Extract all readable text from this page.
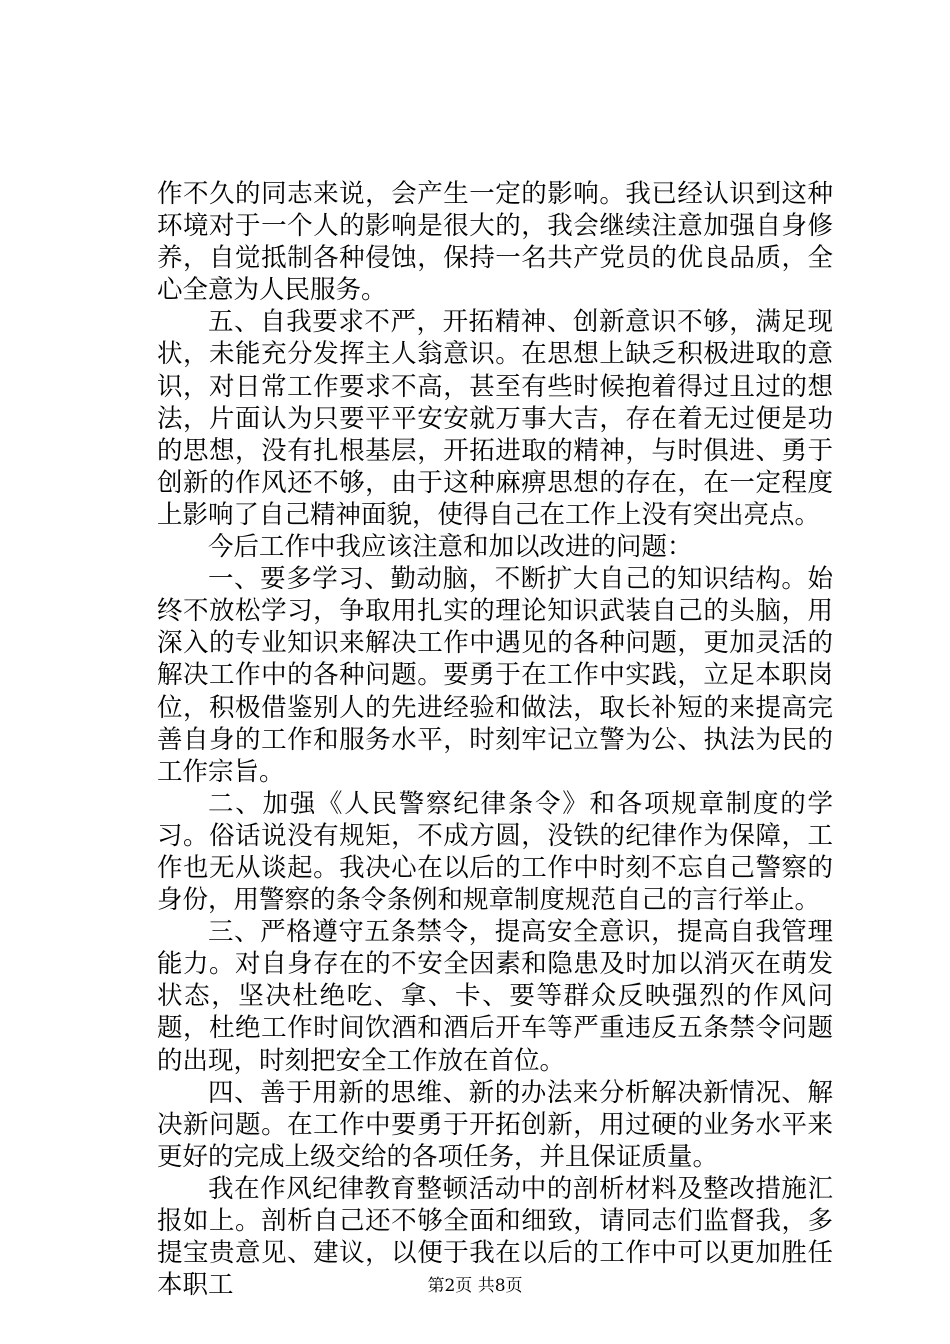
作不久的同志来说，会产生一定的影响。我已经认识到这种环境对于一个人的影响是很大的，我会继续注意加强自身修养，自觉抵制各种侵蚀，保持一名共产党员的优良品质，全心全意为人民服务。

五、自我要求不严，开拓精神、创新意识不够，满足现状，未能充分发挥主人翁意识。在思想上缺乏积极进取的意识，对日常工作要求不高，甚至有些时候抱着得过且过的想法，片面认为只要平平安安就万事大吉，存在着无过便是功的思想，没有扎根基层，开拓进取的精神，与时俱进、勇于创新的作风还不够，由于这种麻痹思想的存在，在一定程度上影响了自己精神面貌，使得自己在工作上没有突出亮点。

今后工作中我应该注意和加以改进的问题：

一、要多学习、勤动脑，不断扩大自己的知识结构。始终不放松学习，争取用扎实的理论知识武装自己的头脑，用深入的专业知识来解决工作中遇见的各种问题，更加灵活的解决工作中的各种问题。要勇于在工作中实践，立足本职岗位，积极借鉴别人的先进经验和做法，取长补短的来提高完善自身的工作和服务水平，时刻牢记立警为公、执法为民的工作宗旨。

二、加强《人民警察纪律条令》和各项规章制度的学习。俗话说没有规矩，不成方圆，没铁的纪律作为保障，工作也无从谈起。我决心在以后的工作中时刻不忘自己警察的身份，用警察的条令条例和规章制度规范自己的言行举止。

三、严格遵守五条禁令，提高安全意识，提高自我管理能力。对自身存在的不安全因素和隐患及时加以消灭在萌发状态，坚决杜绝吃、拿、卡、要等群众反映强烈的作风问题，杜绝工作时间饮酒和酒后开车等严重违反五条禁令问题的出现，时刻把安全工作放在首位。

四、善于用新的思维、新的办法来分析解决新情况、解决新问题。在工作中要勇于开拓创新，用过硬的业务水平来更好的完成上级交给的各项任务，并且保证质量。

我在作风纪律教育整顿活动中的剖析材料及整改措施汇报如上。剖析自己还不够全面和细致，请同志们监督我，多提宝贵意见、建议，以便于我在以后的工作中可以更加胜任本职工	第2页 共8页
